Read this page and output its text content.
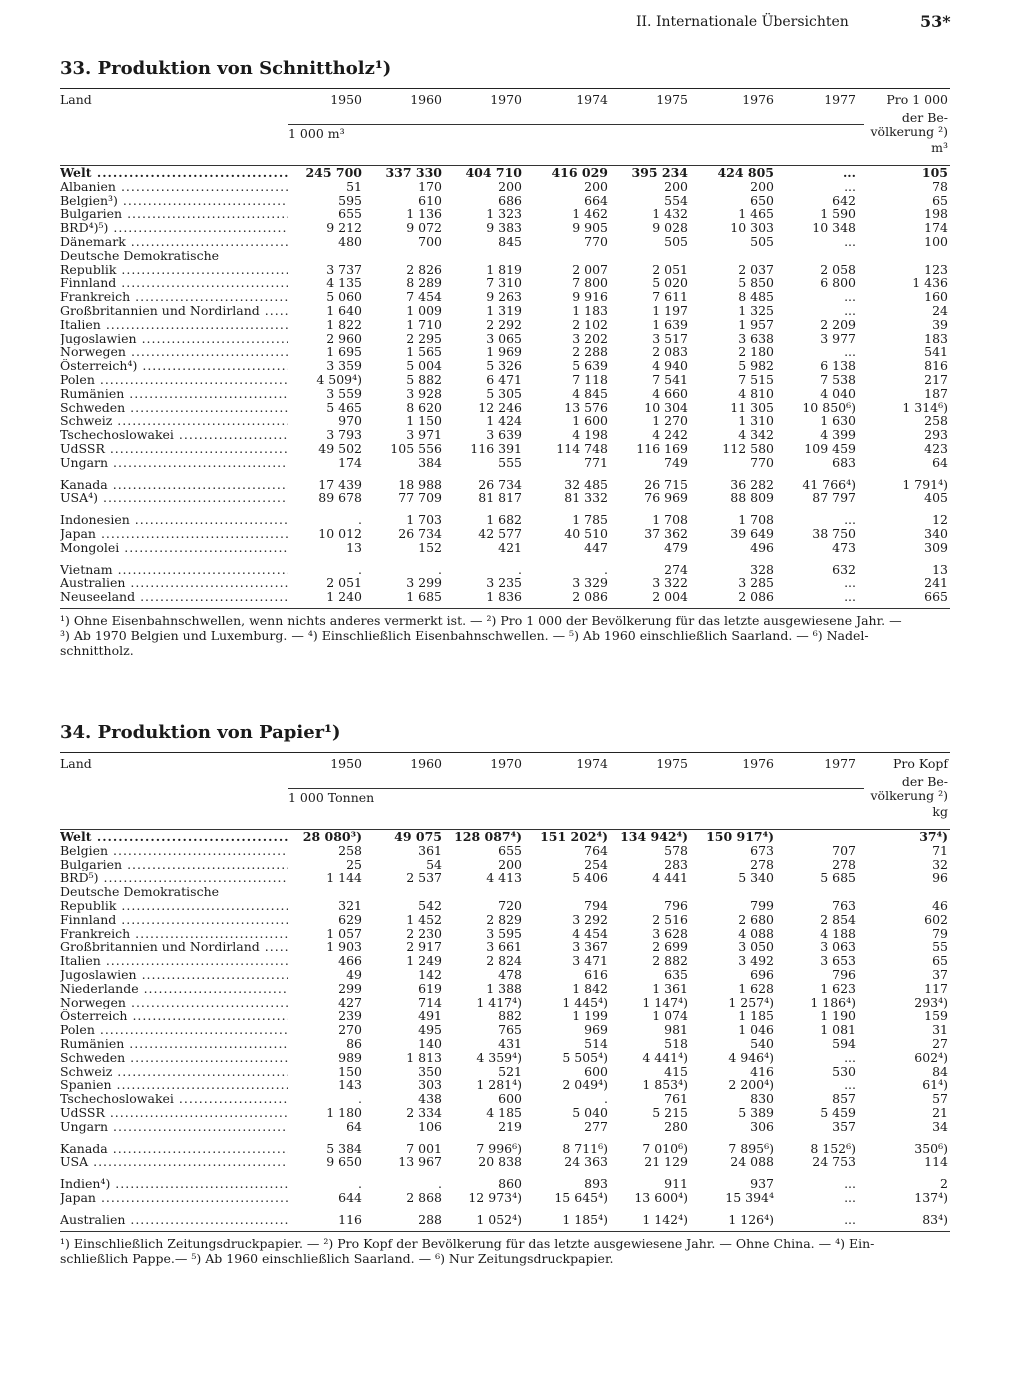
II. Internationale Übersichten	53*
33. Produktion von Schnittholz¹)
Land	1950	1960	1970	1974	1975	1976	1977	Pro 1 000
								der Be-
	1 000 m³							völkerung ²)
								m³
Welt .....	245 700	337 330	404 710	416 029	395 234	424 805	...	105
Albanien .....	51	170	200	200	200	200	...	78
Belgien³) .....	595	610	686	664	554	650	642	65
Bulgarien .....	655	1 136	1 323	1 462	1 432	1 465	1 590	198
BRD⁴)⁵) .....	9 212	9 072	9 383	9 905	9 028	10 303	10 348	174
Dänemark .....	480	700	845	770	505	505	...	100
Deutsche Demokratische								
Republik .....	3 737	2 826	1 819	2 007	2 051	2 037	2 058	123
Finnland .....	4 135	8 289	7 310	7 800	5 020	5 850	6 800	1 436
Frankreich .....	5 060	7 454	9 263	9 916	7 611	8 485	...	160
Großbritannien und Nordirland .....	1 640	1 009	1 319	1 183	1 197	1 325	...	24
Italien .....	1 822	1 710	2 292	2 102	1 639	1 957	2 209	39
Jugoslawien .....	2 960	2 295	3 065	3 202	3 517	3 638	3 977	183
Norwegen .....	1 695	1 565	1 969	2 288	2 083	2 180	...	541
Österreich⁴) .....	3 359	5 004	5 326	5 639	4 940	5 982	6 138	816
Polen .....	4 509⁴)	5 882	6 471	7 118	7 541	7 515	7 538	217
Rumänien .....	3 559	3 928	5 305	4 845	4 660	4 810	4 040	187
Schweden .....	5 465	8 620	12 246	13 576	10 304	11 305	10 850⁶)	1 314⁶)
Schweiz .....	970	1 150	1 424	1 600	1 270	1 310	1 630	258
Tschechoslowakei .....	3 793	3 971	3 639	4 198	4 242	4 342	4 399	293
UdSSR .....	49 502	105 556	116 391	114 748	116 169	112 580	109 459	423
Ungarn .....	174	384	555	771	749	770	683	64

Kanada .....	17 439	18 988	26 734	32 485	26 715	36 282	41 766⁴)	1 791⁴)
USA⁴) .....	89 678	77 709	81 817	81 332	76 969	88 809	87 797	405

Indonesien .....	.	1 703	1 682	1 785	1 708	1 708	...	12
Japan .....	10 012	26 734	42 577	40 510	37 362	39 649	38 750	340
Mongolei .....	13	152	421	447	479	496	473	309

Vietnam .....	.	.	.	.	274	328	632	13
Australien .....	2 051	3 299	3 235	3 329	3 322	3 285	...	241
Neuseeland .....	1 240	1 685	1 836	2 086	2 004	2 086	...	665

¹) Ohne Eisenbahnschwellen, wenn nichts anderes vermerkt ist. — ²) Pro 1 000 der Bevölkerung für das letzte ausgewiesene Jahr. —

³) Ab 1970 Belgien und Luxemburg. — ⁴) Einschließlich Eisenbahnschwellen. — ⁵) Ab 1960 einschließlich Saarland. — ⁶) Nadel-

schnittholz.

34. Produktion von Papier¹)
Land	1950	1960	1970	1974	1975	1976	1977	Pro Kopf
								der Be-
	1 000 Tonnen							völkerung ²)
								kg
Welt .....	28 080³)	49 075	128 087⁴)	151 202⁴)	134 942⁴)	150 917⁴)		37⁴)
Belgien .....	258	361	655	764	578	673	707	71
Bulgarien .....	25	54	200	254	283	278	278	32
BRD⁵) .....	1 144	2 537	4 413	5 406	4 441	5 340	5 685	96
Deutsche Demokratische								
Republik .....	321	542	720	794	796	799	763	46
Finnland .....	629	1 452	2 829	3 292	2 516	2 680	2 854	602
Frankreich .....	1 057	2 230	3 595	4 454	3 628	4 088	4 188	79
Großbritannien und Nordirland .....	1 903	2 917	3 661	3 367	2 699	3 050	3 063	55
Italien .....	466	1 249	2 824	3 471	2 882	3 492	3 653	65
Jugoslawien .....	49	142	478	616	635	696	796	37
Niederlande .....	299	619	1 388	1 842	1 361	1 628	1 623	117
Norwegen .....	427	714	1 417⁴)	1 445⁴)	1 147⁴)	1 257⁴)	1 186⁴)	293⁴)
Österreich .....	239	491	882	1 199	1 074	1 185	1 190	159
Polen .....	270	495	765	969	981	1 046	1 081	31
Rumänien .....	86	140	431	514	518	540	594	27
Schweden .....	989	1 813	4 359⁴)	5 505⁴)	4 441⁴)	4 946⁴)	...	602⁴)
Schweiz .....	150	350	521	600	415	416	530	84
Spanien .....	143	303	1 281⁴)	2 049⁴)	1 853⁴)	2 200⁴)	...	61⁴)
Tschechoslowakei .....	.	438	600	.	761	830	857	57
UdSSR .....	1 180	2 334	4 185	5 040	5 215	5 389	5 459	21
Ungarn .....	64	106	219	277	280	306	357	34

Kanada .....	5 384	7 001	7 996⁶)	8 711⁶)	7 010⁶)	7 895⁶)	8 152⁶)	350⁶)
USA .....	9 650	13 967	20 838	24 363	21 129	24 088	24 753	114

Indien⁴) .....	.	.	860	893	911	937	...	2
Japan .....	644	2 868	12 973⁴)	15 645⁴)	13 600⁴)	15 394⁴	...	137⁴)

Australien .....	116	288	1 052⁴)	1 185⁴)	1 142⁴)	1 126⁴)	...	83⁴)

¹) Einschließlich Zeitungsdruckpapier. — ²) Pro Kopf der Bevölkerung für das letzte ausgewiesene Jahr. — Ohne China. — ⁴) Ein-

schließlich Pappe.— ⁵) Ab 1960 einschließlich Saarland. — ⁶) Nur Zeitungsdruckpapier.
